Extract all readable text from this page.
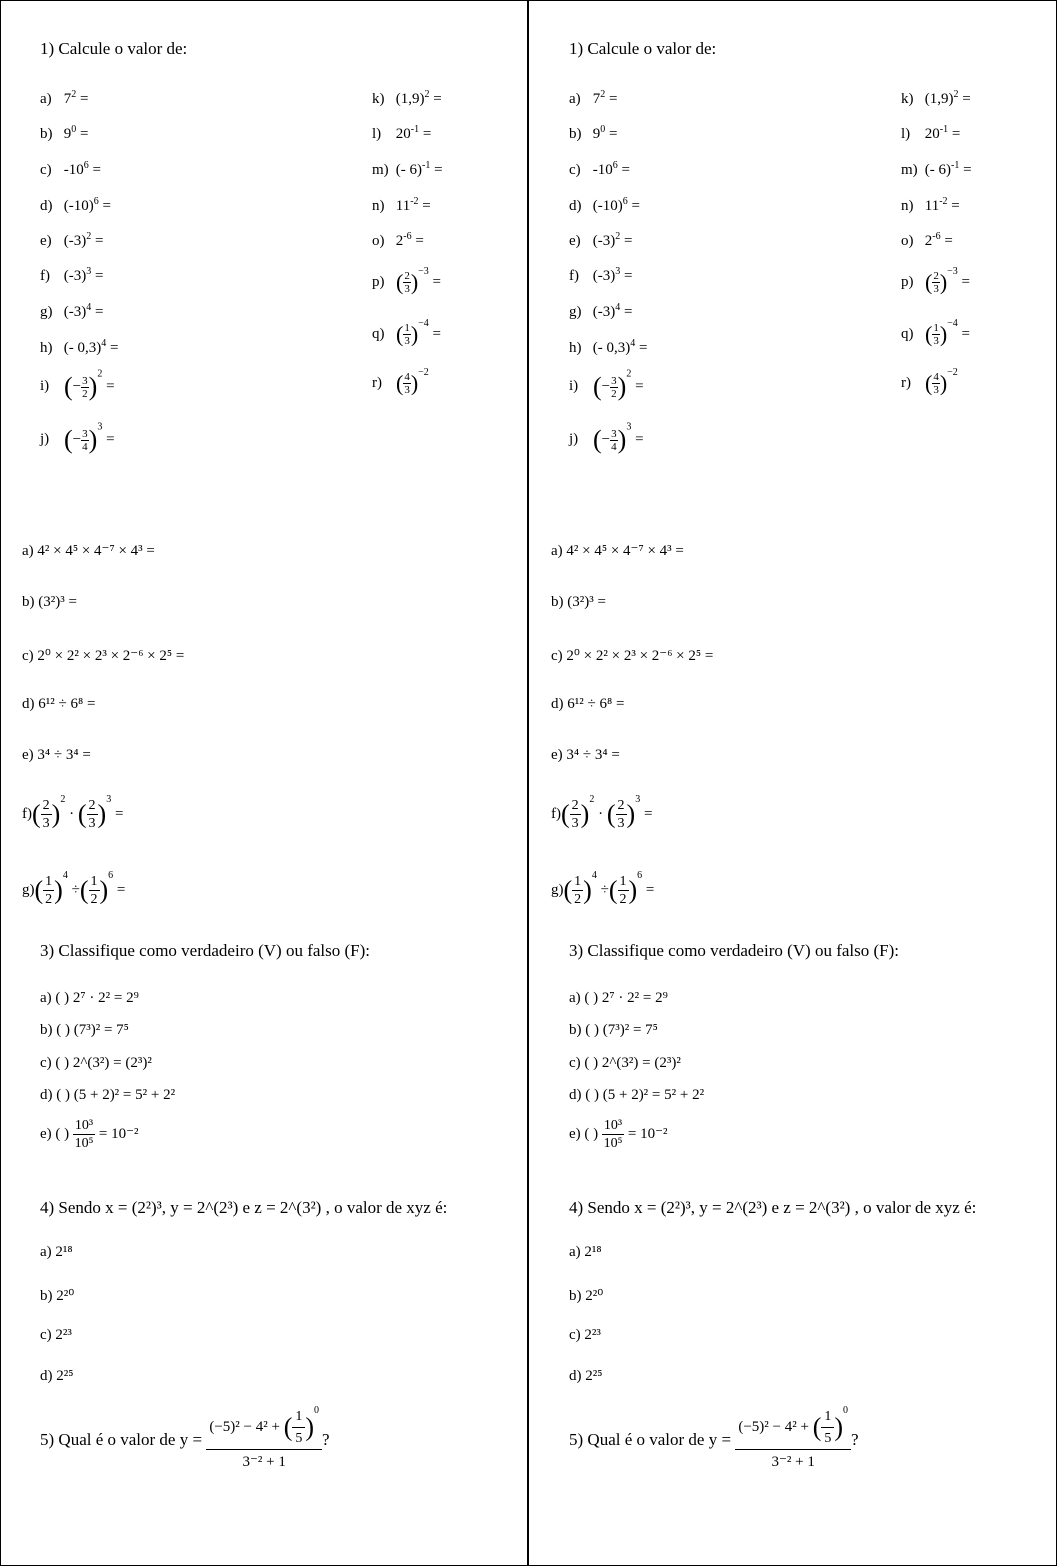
1) Calcule o valor de:
a) $7^2$ =
b) $9^0$ =
c) $-10^6$ =
d) $(-10)^6$ =
e) $(-3)^2$ =
f) $(-3)^3$ =
g) $(-3)^4$ =
h) (- 0,3)$^4$ =
i) (− $\frac{3}{2} )^2$ =
j) (− $\frac{3}{4} )^3$ =
k) $(1,9)^2$ =
l) $20^{-1}$ =
m) (- 6)$^{-1}$ =
n) $11^{-2}$ =
o) $2^{-6}$ =
p) ( $\frac{2}{3} )^{-3}$ =
q) ( $\frac{1}{3} )^{-4}$ =
r) ( $\frac{4}{3} )^{-2}$
a) 4² × 4⁵ × 4⁻⁷ × 4³ =
b) (3²)³ =
c) 2⁰ × 2² × 2³ × 2⁻⁶ × 2⁵ =
d) 6¹² ÷ 6⁸ =
e) 3⁴ ÷ 3⁴ =
$f)( \frac{2}{3} )^2$ · ( $\frac{2}{3} )^3$ =
$g)( \frac{1}{2} )^4$ ÷( $\frac{1}{2} )^6$ =
3) Classifique como verdadeiro (V) ou falso (F):
a) ( ) 2⁷ · 2² = 2⁹
b) ( ) (7³)² = 7⁵
c) ( ) 2^(3²) = (2³)²
d) ( ) (5 + 2)² = 5² + 2²
e) ( ) $\frac{\text{10³}}{\text{10⁵}} = 10^{-2}$
4) Sendo x = (2²)³, y = 2^(2³) e z = 2^(3²) , o valor de xyz é:
a) 2¹⁸
b) 2²⁰
c) 2²³
d) 2²⁵
5) Qual é o valor de $y = \frac{(-5)^2 - 4^2 + ( \frac{1}{5} )^0}{\text{3⁻² + 1}}$ ?
1) Calcule o valor de:
a) $7^2$ =
b) $9^0$ =
c) $-10^6$ =
d) $(-10)^6$ =
e) $(-3)^2$ =
f) $(-3)^3$ =
g) $(-3)^4$ =
h) (- 0,3)$^4$ =
i) (− $\frac{3}{2} )^2$ =
j) (− $\frac{3}{4} )^3$ =
k) $(1,9)^2$ =
l) $20^{-1}$ =
m) (- 6)$^{-1}$ =
n) $11^{-2}$ =
o) $2^{-6}$ =
p) ( $\frac{2}{3} )^{-3}$ =
q) ( $\frac{1}{3} )^{-4}$ =
r) ( $\frac{4}{3} )^{-2}$
a) 4² × 4⁵ × 4⁻⁷ × 4³ =
b) (3²)³ =
c) 2⁰ × 2² × 2³ × 2⁻⁶ × 2⁵ =
d) 6¹² ÷ 6⁸ =
e) 3⁴ ÷ 3⁴ =
$f)( \frac{2}{3} )^2$ · ( $\frac{2}{3} )^3$ =
$g)( \frac{1}{2} )^4$ ÷( $\frac{1}{2} )^6$ =
3) Classifique como verdadeiro (V) ou falso (F):
a) ( ) 2⁷ · 2² = 2⁹
b) ( ) (7³)² = 7⁵
c) ( ) 2^(3²) = (2³)²
d) ( ) (5 + 2)² = 5² + 2²
e) ( ) $\frac{\text{10³}}{\text{10⁵}} = 10^{-2}$
4) Sendo x = (2²)³, y = 2^(2³) e z = 2^(3²) , o valor de xyz é:
a) 2¹⁸
b) 2²⁰
c) 2²³
d) 2²⁵
5) Qual é o valor de $y = \frac{(-5)^2 - 4^2 + ( \frac{1}{5} )^0}{\text{3⁻² + 1}}$ ?
